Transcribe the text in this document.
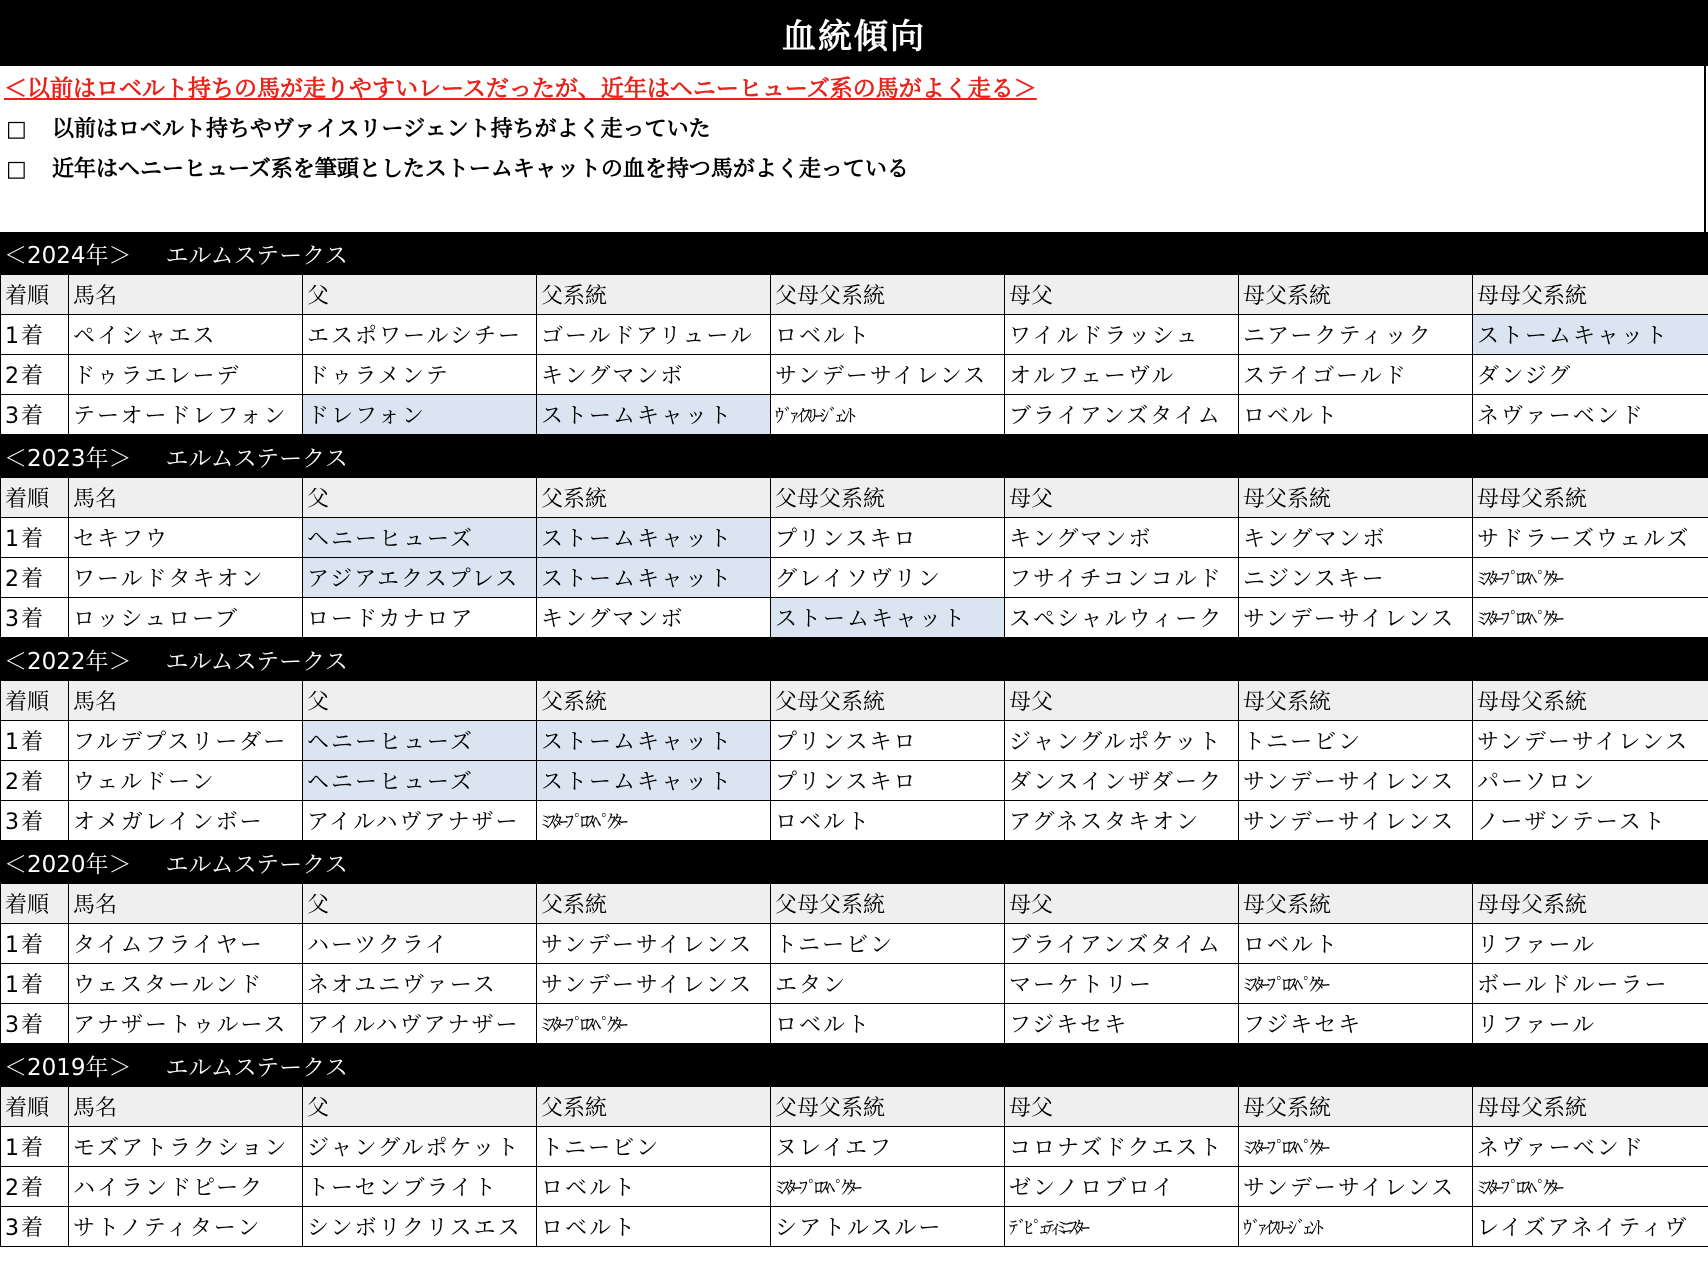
血統傾向
＜以前はロベルト持ちの馬が走りやすいレースだったが、近年はヘニーヒューズ系の馬がよく走る＞
□ 以前はロベルト持ちやヴァイスリージェント持ちがよく走っていた
□ 近年はヘニーヒューズ系を筆頭としたストームキャットの血を持つ馬がよく走っている
＜2024年＞ エルムステークス
着順	馬名	父	父系統	父母父系統	母父	母父系統	母母父系統
1着	ペイシャエス	エスポワールシチー	ゴールドアリュール	ロベルト	ワイルドラッシュ	ニアークティック	ストームキャット
2着	ドゥラエレーデ	ドゥラメンテ	キングマンボ	サンデーサイレンス	オルフェーヴル	ステイゴールド	ダンジグ
3着	テーオードレフォン	ドレフォン	ストームキャット	ｳﾞｧｲｽﾘｰｼﾞｪﾝﾄ	ブライアンズタイム	ロベルト	ネヴァーベンド
＜2023年＞ エルムステークス
着順	馬名	父	父系統	父母父系統	母父	母父系統	母母父系統
1着	セキフウ	ヘニーヒューズ	ストームキャット	プリンスキロ	キングマンボ	キングマンボ	サドラーズウェルズ
2着	ワールドタキオン	アジアエクスプレス	ストームキャット	グレイソヴリン	フサイチコンコルド	ニジンスキー	ﾐｽﾀｰﾌﾟﾛｽﾍﾟｸﾀｰ
3着	ロッシュローブ	ロードカナロア	キングマンボ	ストームキャット	スペシャルウィーク	サンデーサイレンス	ﾐｽﾀｰﾌﾟﾛｽﾍﾟｸﾀｰ
＜2022年＞ エルムステークス
着順	馬名	父	父系統	父母父系統	母父	母父系統	母母父系統
1着	フルデプスリーダー	ヘニーヒューズ	ストームキャット	プリンスキロ	ジャングルポケット	トニービン	サンデーサイレンス
2着	ウェルドーン	ヘニーヒューズ	ストームキャット	プリンスキロ	ダンスインザダーク	サンデーサイレンス	パーソロン
3着	オメガレインボー	アイルハヴアナザー	ﾐｽﾀｰﾌﾟﾛｽﾍﾟｸﾀｰ	ロベルト	アグネスタキオン	サンデーサイレンス	ノーザンテースト
＜2020年＞ エルムステークス
着順	馬名	父	父系統	父母父系統	母父	母父系統	母母父系統
1着	タイムフライヤー	ハーツクライ	サンデーサイレンス	トニービン	ブライアンズタイム	ロベルト	リファール
1着	ウェスタールンド	ネオユニヴァース	サンデーサイレンス	エタン	マーケトリー	ﾐｽﾀｰﾌﾟﾛｽﾍﾟｸﾀｰ	ボールドルーラー
3着	アナザートゥルース	アイルハヴアナザー	ﾐｽﾀｰﾌﾟﾛｽﾍﾟｸﾀｰ	ロベルト	フジキセキ	フジキセキ	リファール
＜2019年＞ エルムステークス
着順	馬名	父	父系統	父母父系統	母父	母父系統	母母父系統
1着	モズアトラクション	ジャングルポケット	トニービン	ヌレイエフ	コロナズドクエスト	ﾐｽﾀｰﾌﾟﾛｽﾍﾟｸﾀｰ	ネヴァーベンド
2着	ハイランドピーク	トーセンブライト	ロベルト	ﾐｽﾀｰﾌﾟﾛｽﾍﾟｸﾀｰ	ゼンノロブロイ	サンデーサイレンス	ﾐｽﾀｰﾌﾟﾛｽﾍﾟｸﾀｰ
3着	サトノティターン	シンボリクリスエス	ロベルト	シアトルスルー	ﾃﾞﾋﾟｭﾃｨﾐﾆｽﾀｰ	ｳﾞｧｲｽﾘｰｼﾞｪﾝﾄ	レイズアネイティヴ
